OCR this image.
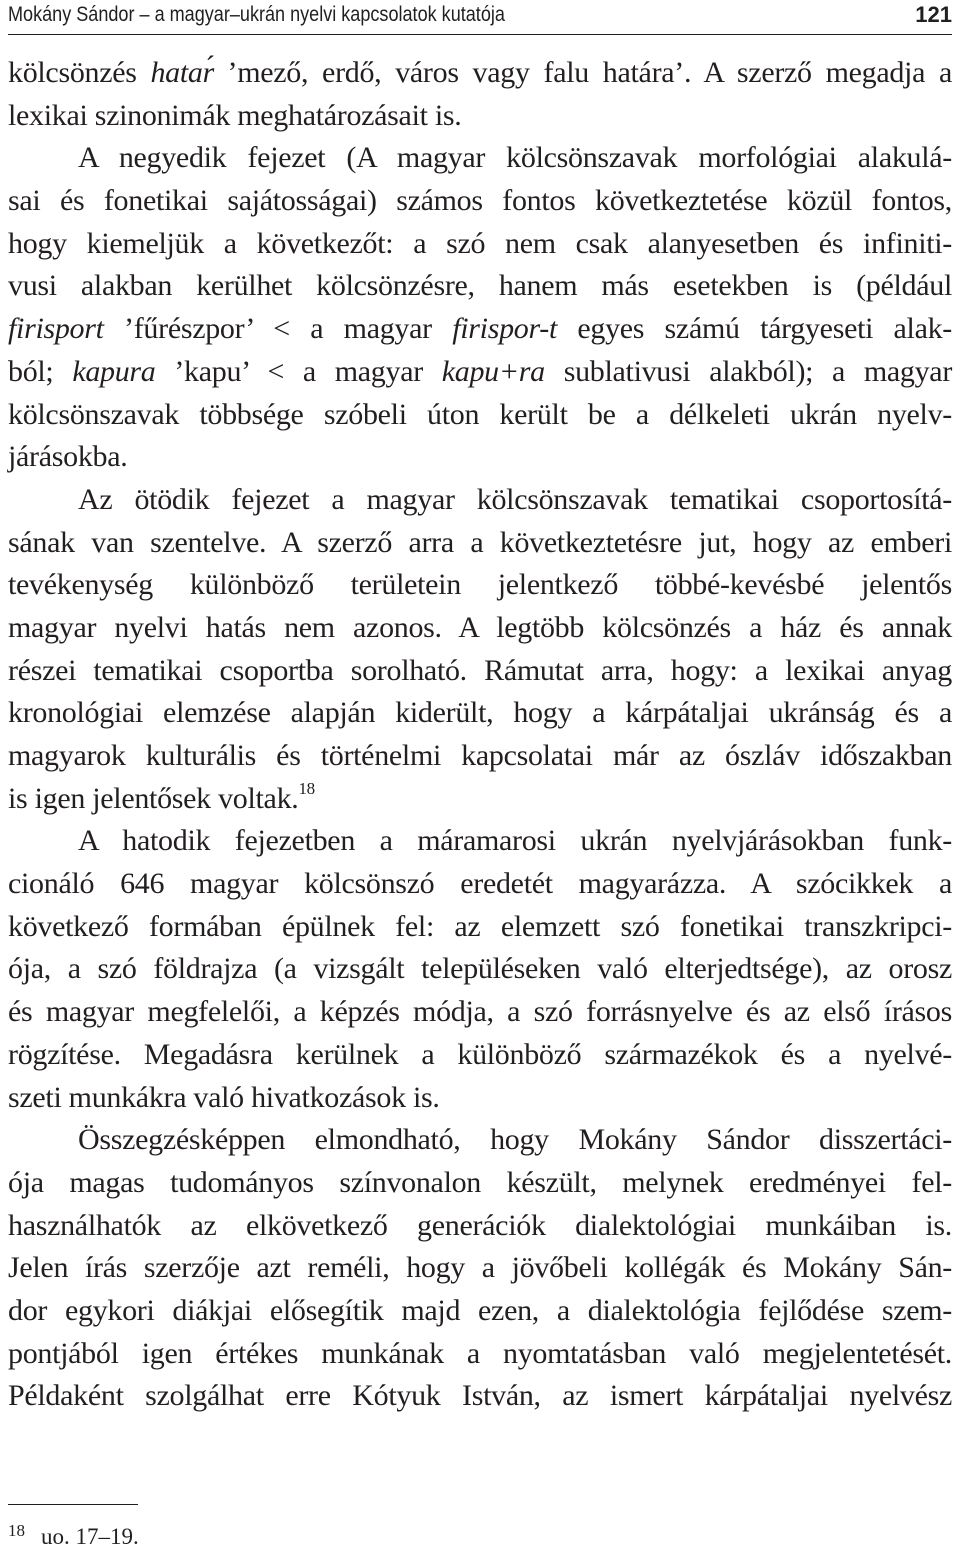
Mokány Sándor – a magyar–ukrán nyelvi kapcsolatok kutatója	121
kölcsönzés hataŕ ’mező, erdő, város vagy falu határa’. A szerző megadja a
lexikai szinonimák meghatározásait is.
A negyedik fejezet (A magyar kölcsönszavak morfológiai alakulá-
sai és fonetikai sajátosságai) számos fontos következtetése közül fontos,
hogy kiemeljük a következőt: a szó nem csak alanyesetben és infiniti-
vusi alakban kerülhet kölcsönzésre, hanem más esetekben is (például
firisport ’fűrészpor’ < a magyar firispor-t egyes számú tárgyeseti alak-
ból; kapura ’kapu’ < a magyar kapu+ra sublativusi alakból); a magyar
kölcsönszavak többsége szóbeli úton került be a délkeleti ukrán nyelv-
járásokba.
Az ötödik fejezet a magyar kölcsönszavak tematikai csoportosítá-
sának van szentelve. A szerző arra a következtetésre jut, hogy az emberi
tevékenység különböző területein jelentkező többé-kevésbé jelentős
magyar nyelvi hatás nem azonos. A legtöbb kölcsönzés a ház és annak
részei tematikai csoportba sorolható. Rámutat arra, hogy: a lexikai anyag
kronológiai elemzése alapján kiderült, hogy a kárpátaljai ukránság és a
magyarok kulturális és történelmi kapcsolatai már az ószláv időszakban
is igen jelentősek voltak.$^{18}$
A hatodik fejezetben a máramarosi ukrán nyelvjárásokban funk-
cionáló 646 magyar kölcsönszó eredetét magyarázza. A szócikkek a
következő formában épülnek fel: az elemzett szó fonetikai transzkripci-
ója, a szó földrajza (a vizsgált településeken való elterjedtsége), az orosz
és magyar megfelelői, a képzés módja, a szó forrásnyelve és az első írásos
rögzítése. Megadásra kerülnek a különböző származékok és a nyelvé-
szeti munkákra való hivatkozások is.
Összegzésképpen elmondható, hogy Mokány Sándor disszertáci-
ója magas tudományos színvonalon készült, melynek eredményei fel-
használhatók az elkövetkező generációk dialektológiai munkáiban is.
Jelen írás szerzője azt reméli, hogy a jövőbeli kollégák és Mokány Sán-
dor egykori diákjai elősegítik majd ezen, a dialektológia fejlődése szem-
pontjából igen értékes munkának a nyomtatásban való megjelentetését.
Példaként szolgálhat erre Kótyuk István, az ismert kárpátaljai nyelvész
$^{18}$ uo. 17–19.
